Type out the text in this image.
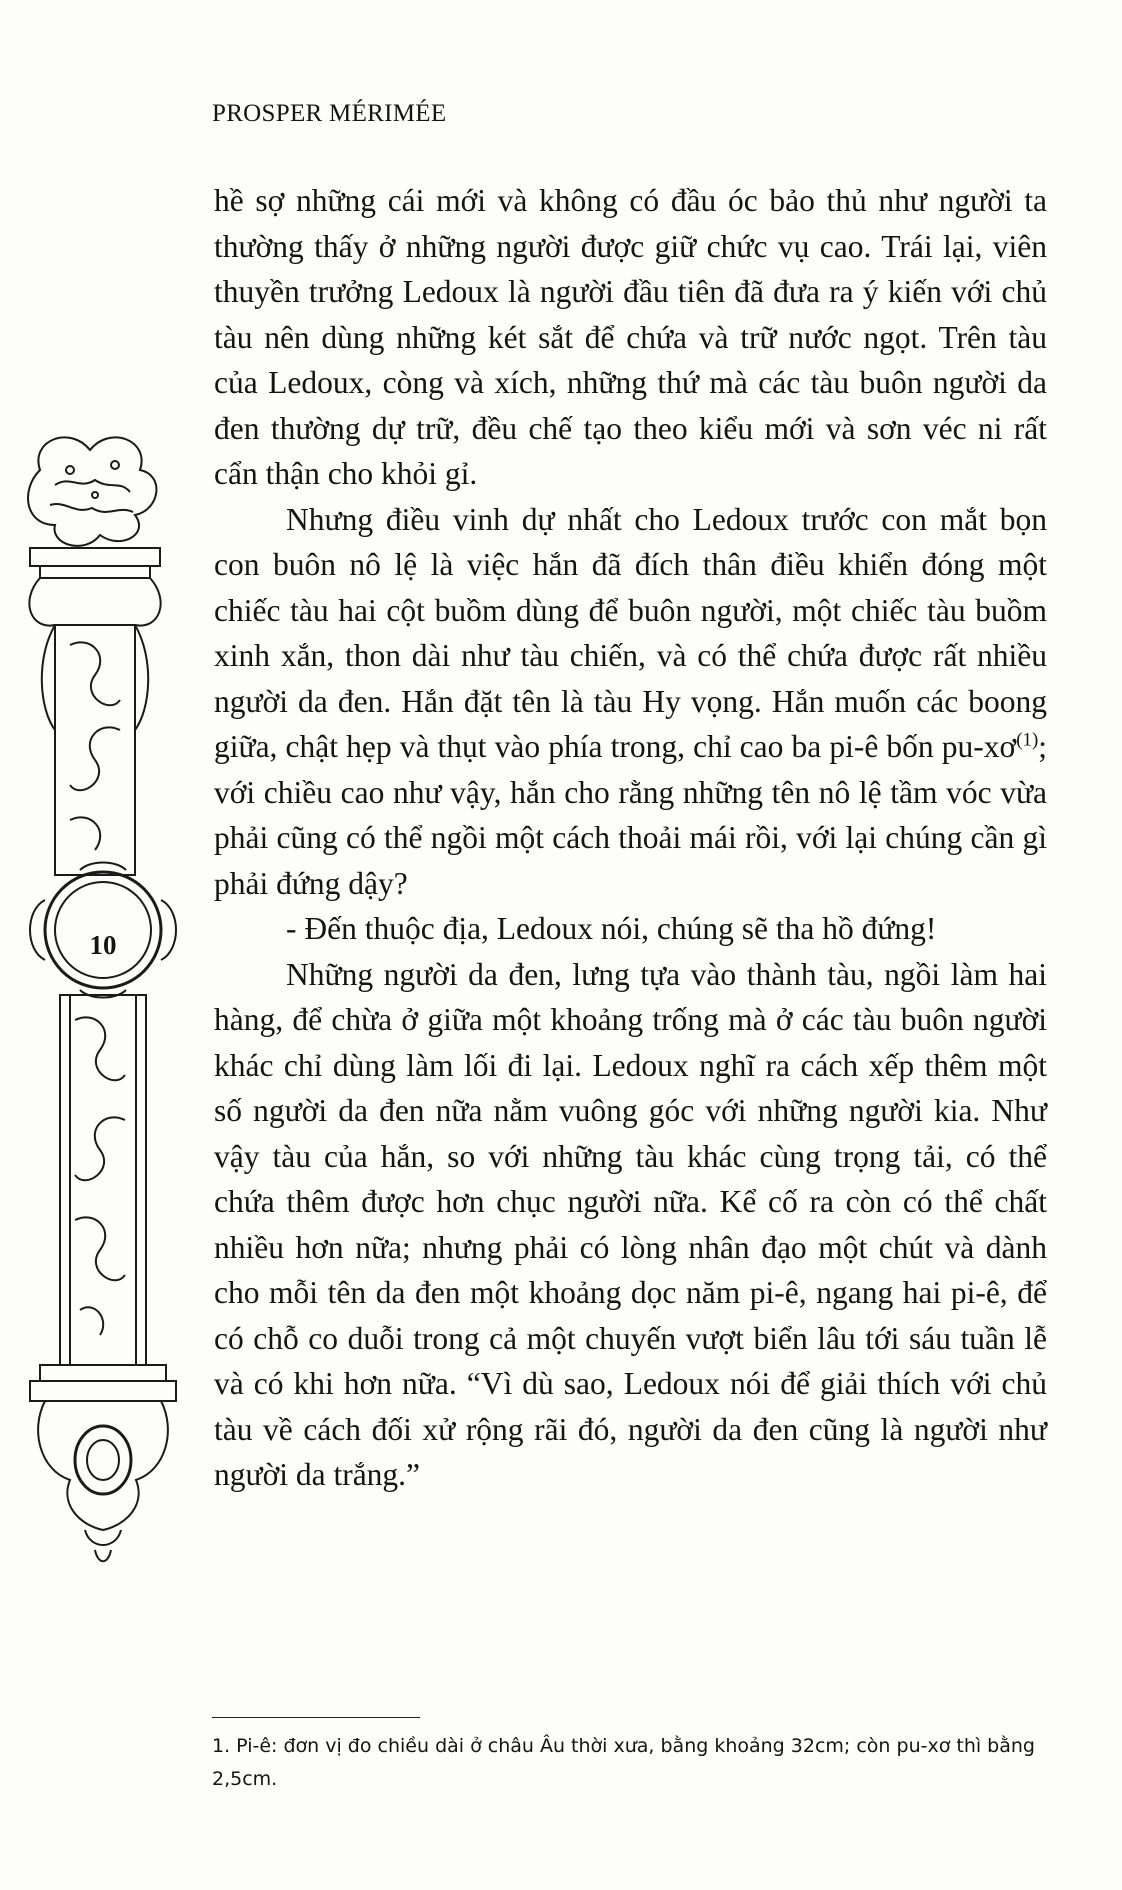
PROSPER MÉRIMÉE
10

hề sợ những cái mới và không có đầu óc bảo thủ như người ta thường thấy ở những người được giữ chức vụ cao. Trái lại, viên thuyền trưởng Ledoux là người đầu tiên đã đưa ra ý kiến với chủ tàu nên dùng những két sắt để chứa và trữ nước ngọt. Trên tàu của Ledoux, còng và xích, những thứ mà các tàu buôn người da đen thường dự trữ, đều chế tạo theo kiểu mới và sơn véc ni rất cẩn thận cho khỏi gỉ.

Nhưng điều vinh dự nhất cho Ledoux trước con mắt bọn con buôn nô lệ là việc hắn đã đích thân điều khiển đóng một chiếc tàu hai cột buồm dùng để buôn người, một chiếc tàu buồm xinh xắn, thon dài như tàu chiến, và có thể chứa được rất nhiều người da đen. Hắn đặt tên là tàu Hy vọng. Hắn muốn các boong giữa, chật hẹp và thụt vào phía trong, chỉ cao ba pi-ê bốn $pu-xơ^{(1)}$; với chiều cao như vậy, hắn cho rằng những tên nô lệ tầm vóc vừa phải cũng có thể ngồi một cách thoải mái rồi, với lại chúng cần gì phải đứng dậy?

- Đến thuộc địa, Ledoux nói, chúng sẽ tha hồ đứng!

Những người da đen, lưng tựa vào thành tàu, ngồi làm hai hàng, để chừa ở giữa một khoảng trống mà ở các tàu buôn người khác chỉ dùng làm lối đi lại. Ledoux nghĩ ra cách xếp thêm một số người da đen nữa nằm vuông góc với những người kia. Như vậy tàu của hắn, so với những tàu khác cùng trọng tải, có thể chứa thêm được hơn chục người nữa. Kể cố ra còn có thể chất nhiều hơn nữa; nhưng phải có lòng nhân đạo một chút và dành cho mỗi tên da đen một khoảng dọc năm pi-ê, ngang hai pi-ê, để có chỗ co duỗi trong cả một chuyến vượt biển lâu tới sáu tuần lễ và có khi hơn nữa. “Vì dù sao, Ledoux nói để giải thích với chủ tàu về cách đối xử rộng rãi đó, người da đen cũng là người như người da trắng.”

1. Pi-ê: đơn vị đo chiều dài ở châu Âu thời xưa, bằng khoảng 32cm; còn pu-xơ thì bằng 2,5cm.
